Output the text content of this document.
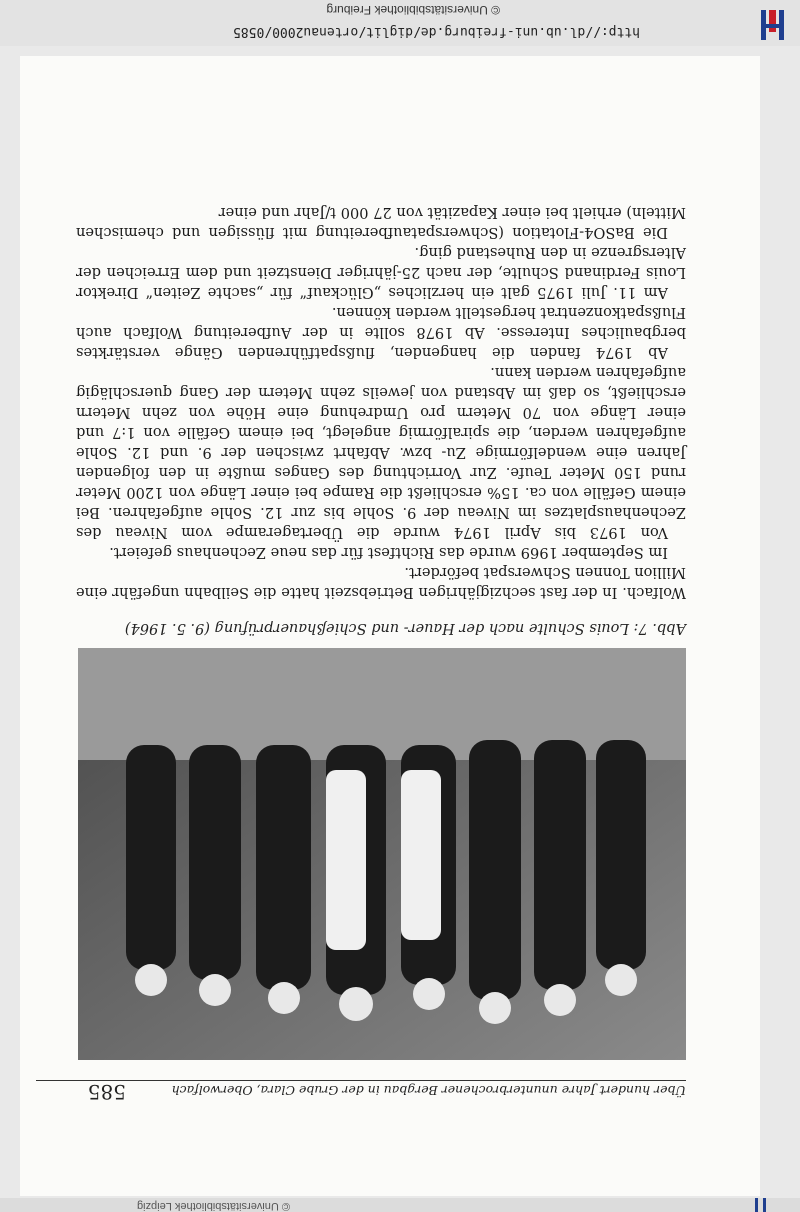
© Universitätsbibliothek Leipzig
Über hundert Jahre ununterbrochener Bergbau in der Grube Clara, Oberwolfach
585
Abb. 7: Louis Schulte nach der Hauer- und Schießhauerprüfung (9. 5. 1964)

Wolfach. In der fast sechzigjährigen Betriebszeit hatte die Seilbahn ungefähr eine Million Tonnen Schwerspat befördert.

Im September 1969 wurde das Richtfest für das neue Zechenhaus gefeiert.

Von 1973 bis April 1974 wurde die Übertagerampe vom Niveau des Zechenhausplatzes im Niveau der 9. Sohle bis zur 12. Sohle aufgefahren. Bei einem Gefälle von ca. 15% erschließt die Rampe bei einer Länge von 1200 Meter rund 150 Meter Teufe. Zur Vorrichtung des Ganges mußte in den folgenden Jahren eine wendelförmige Zu- bzw. Abfahrt zwischen der 9. und 12. Sohle aufgefahren werden, die spiralförmig angelegt, bei einem Gefälle von 1:7 und einer Länge von 70 Metern pro Umdrehung eine Höhe von zehn Metern erschließt, so daß im Abstand von jeweils zehn Metern der Gang querschlägig aufgefahren werden kann.

Ab 1974 fanden die hangenden, flußspatführenden Gänge verstärktes bergbauliches Interesse. Ab 1978 sollte in der Aufbereitung Wolfach auch Flußspatkonzentrat hergestellt werden können.

Am 11. Juli 1975 galt ein herzliches „Glückauf“ für „sachte Zeiten“ Direktor Louis Ferdinand Schulte, der nach 25-jähriger Dienstzeit und dem Erreichen der Altersgrenze in den Ruhestand ging.

Die BaSO4-Flotation (Schwerspataufbereitung mit flüssigen und chemischen Mitteln) erhielt bei einer Kapazität von 27 000 t/Jahr und einer

http://dl.ub.uni-freiburg.de/diglit/ortenau2000/0585
© Universitätsbibliothek Freiburg
